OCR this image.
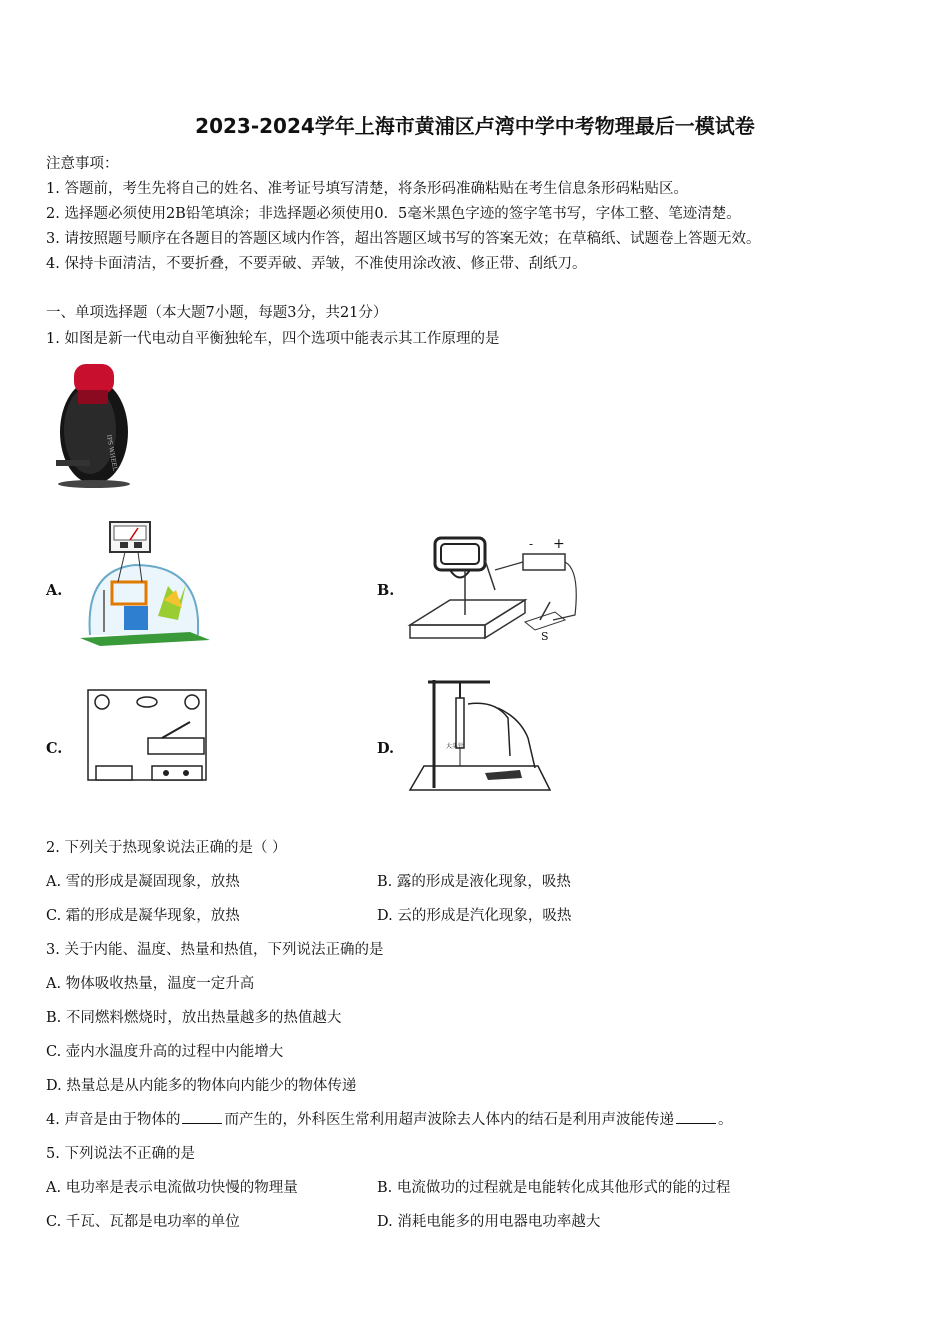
2023-2024学年上海市黄浦区卢湾中学中考物理最后一模试卷
注意事项：
1. 答题前，考生先将自己的姓名、准考证号填写清楚，将条形码准确粘贴在考生信息条形码粘贴区。
2. 选择题必须使用2B铅笔填涂；非选择题必须使用0．5毫米黑色字迹的签字笔书写，字体工整、笔迹清楚。
3. 请按照题号顺序在各题目的答题区域内作答，超出答题区域书写的答案无效；在草稿纸、试题卷上答题无效。
4. 保持卡面清洁，不要折叠，不要弄破、弄皱，不准使用涂改液、修正带、刮纸刀。
一、单项选择题（本大题7小题，每题3分，共21分）
1. 如图是新一代电动自平衡独轮车，四个选项中能表示其工作原理的是
IPS WHEEL
A.	B.
- +
S
C.	D.	大头针
2. 下列关于热现象说法正确的是（ ）
A. 雪的形成是凝固现象，放热	B. 露的形成是液化现象，吸热
C. 霜的形成是凝华现象，放热	D. 云的形成是汽化现象，吸热
3. 关于内能、温度、热量和热值，下列说法正确的是
A. 物体吸收热量，温度一定升高
B. 不同燃料燃烧时，放出热量越多的热值越大
C. 壶内水温度升高的过程中内能增大
D. 热量总是从内能多的物体向内能少的物体传递
4. 声音是由于物体的	而产生的，外科医生常利用超声波除去人体内的结石是利用声波能传递	。
5. 下列说法不正确的是
A. 电功率是表示电流做功快慢的物理量	B. 电流做功的过程就是电能转化成其他形式的能的过程
C. 千瓦、瓦都是电功率的单位	D. 消耗电能多的用电器电功率越大
